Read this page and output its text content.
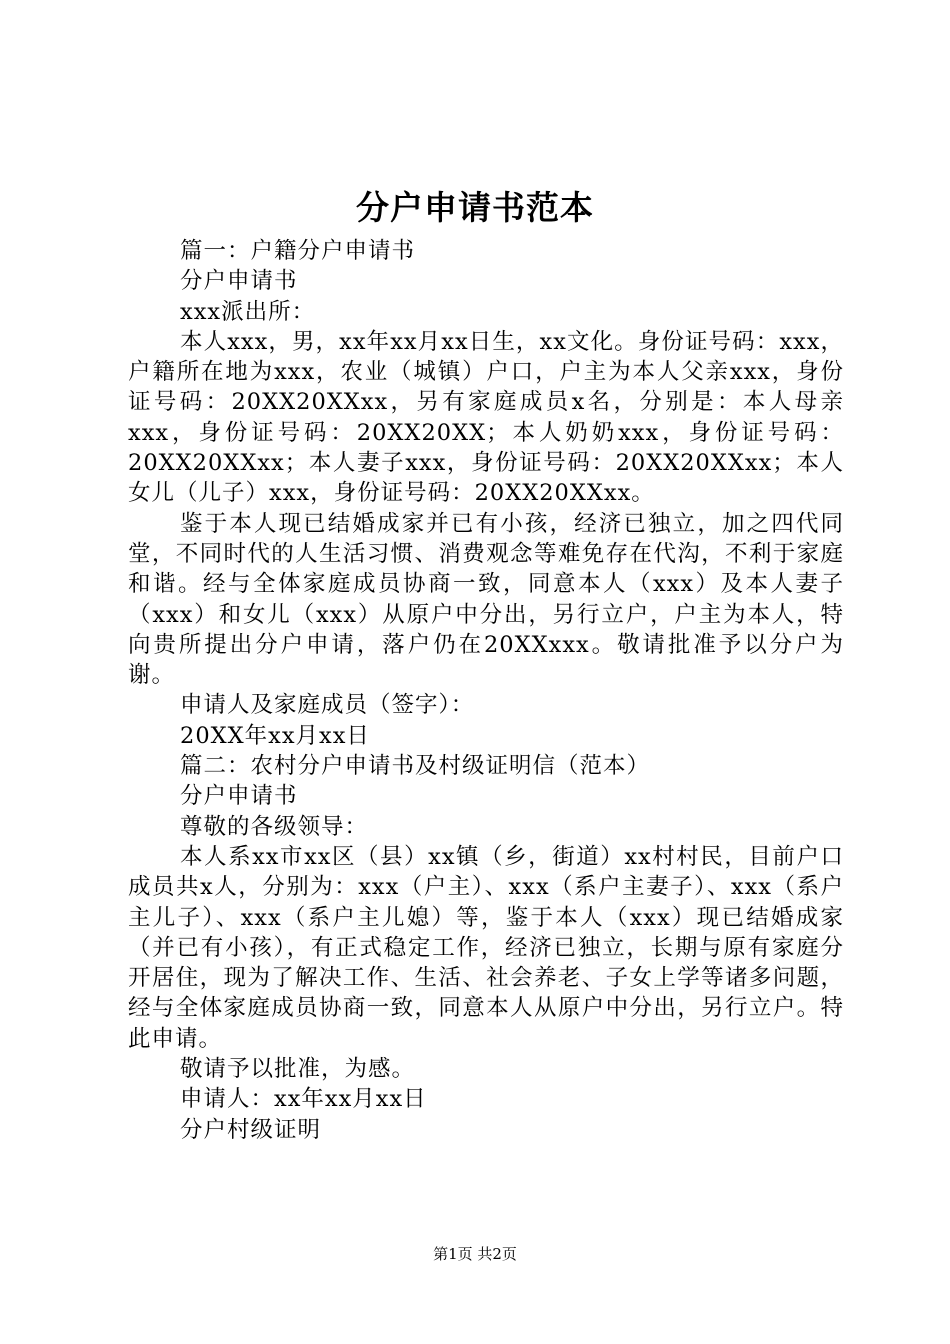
分户申请书范本

篇一：户籍分户申请书

分户申请书

xxx派出所：

本人xxx，男，xx年xx月xx日生，xx文化。身份证号码：xxx，户籍所在地为xxx，农业（城镇）户口，户主为本人父亲xxx，身份证号码：20XX20XXxx，另有家庭成员x名，分别是：本人母亲xxx，身份证号码：20XX20XX；本人奶奶xxx，身份证号码：20XX20XXxx；本人妻子xxx，身份证号码：20XX20XXxx；本人女儿（儿子）xxx，身份证号码：20XX20XXxx。

鉴于本人现已结婚成家并已有小孩，经济已独立，加之四代同堂，不同时代的人生活习惯、消费观念等难免存在代沟，不利于家庭和谐。经与全体家庭成员协商一致，同意本人（xxx）及本人妻子（xxx）和女儿（xxx）从原户中分出，另行立户，户主为本人，特向贵所提出分户申请，落户仍在20XXxxx。敬请批准予以分户为谢。

申请人及家庭成员（签字）：

20XX年xx月xx日

篇二：农村分户申请书及村级证明信（范本）

分户申请书

尊敬的各级领导：

本人系xx市xx区（县）xx镇（乡，街道）xx村村民，目前户口成员共x人，分别为：xxx（户主）、xxx（系户主妻子）、xxx（系户主儿子）、xxx（系户主儿媳）等，鉴于本人（xxx）现已结婚成家（并已有小孩），有正式稳定工作，经济已独立，长期与原有家庭分开居住，现为了解决工作、生活、社会养老、子女上学等诸多问题，经与全体家庭成员协商一致，同意本人从原户中分出，另行立户。特此申请。

敬请予以批准，为感。

申请人：xx年xx月xx日

分户村级证明

第1页 共2页
